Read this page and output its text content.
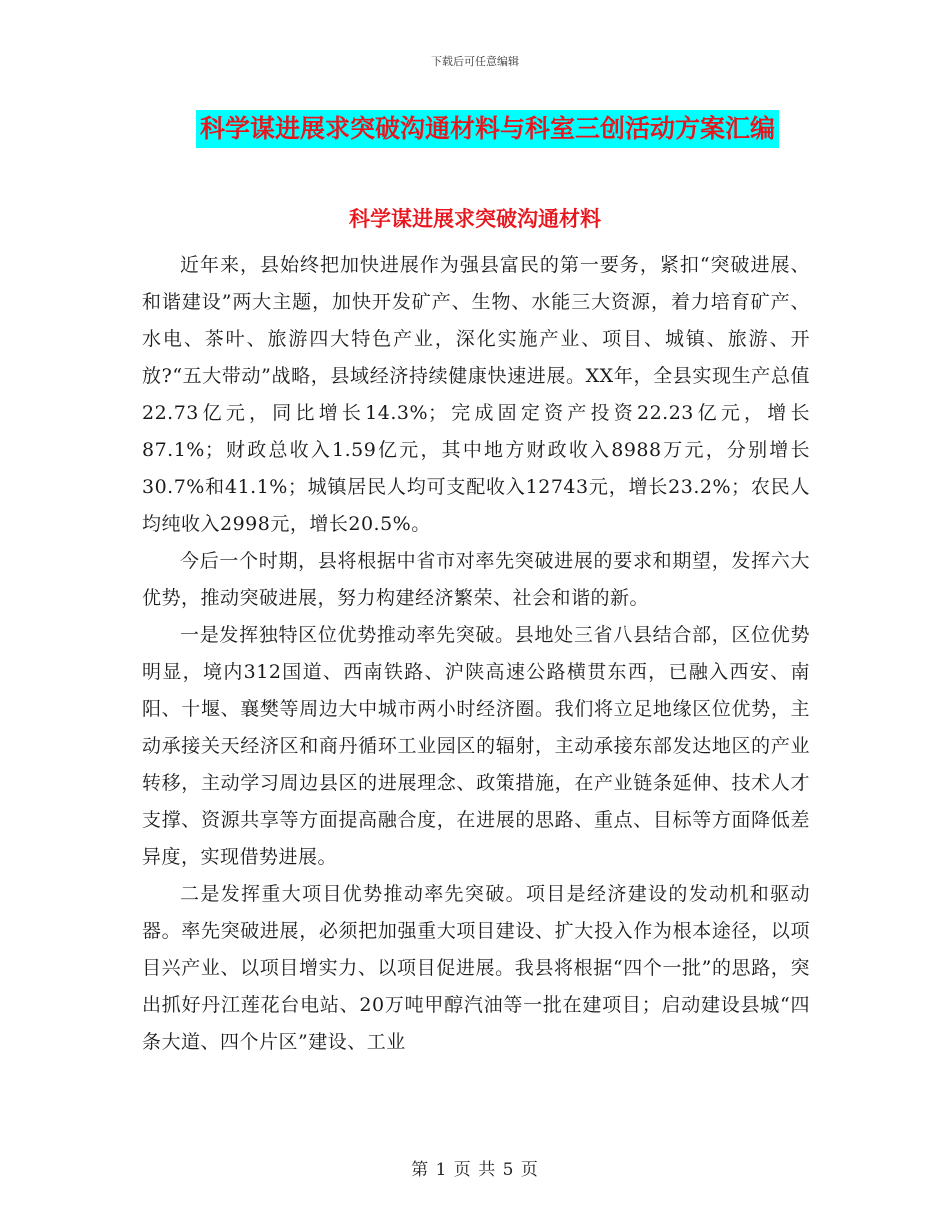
下载后可任意编辑
科学谋进展求突破沟通材料与科室三创活动方案汇编
科学谋进展求突破沟通材料

近年来，县始终把加快进展作为强县富民的第一要务，紧扣“突破进展、和谐建设”两大主题，加快开发矿产、生物、水能三大资源，着力培育矿产、水电、茶叶、旅游四大特色产业，深化实施产业、项目、城镇、旅游、开放?“五大带动”战略，县域经济持续健康快速进展。XX年，全县实现生产总值22.73亿元，同比增长14.3%；完成固定资产投资22.23亿元，增长87.1%；财政总收入1.59亿元，其中地方财政收入8988万元，分别增长30.7%和41.1%；城镇居民人均可支配收入12743元，增长23.2%；农民人均纯收入2998元，增长20.5%。

今后一个时期，县将根据中省市对率先突破进展的要求和期望，发挥六大优势，推动突破进展，努力构建经济繁荣、社会和谐的新。

一是发挥独特区位优势推动率先突破。县地处三省八县结合部，区位优势明显，境内312国道、西南铁路、沪陕高速公路横贯东西，已融入西安、南阳、十堰、襄樊等周边大中城市两小时经济圈。我们将立足地缘区位优势，主动承接关天经济区和商丹循环工业园区的辐射，主动承接东部发达地区的产业转移，主动学习周边县区的进展理念、政策措施，在产业链条延伸、技术人才支撑、资源共享等方面提高融合度，在进展的思路、重点、目标等方面降低差异度，实现借势进展。

二是发挥重大项目优势推动率先突破。项目是经济建设的发动机和驱动器。率先突破进展，必须把加强重大项目建设、扩大投入作为根本途径，以项目兴产业、以项目增实力、以项目促进展。我县将根据“四个一批”的思路，突出抓好丹江莲花台电站、20万吨甲醇汽油等一批在建项目；启动建设县城“四条大道、四个片区”建设、工业

第 1 页 共 5 页
